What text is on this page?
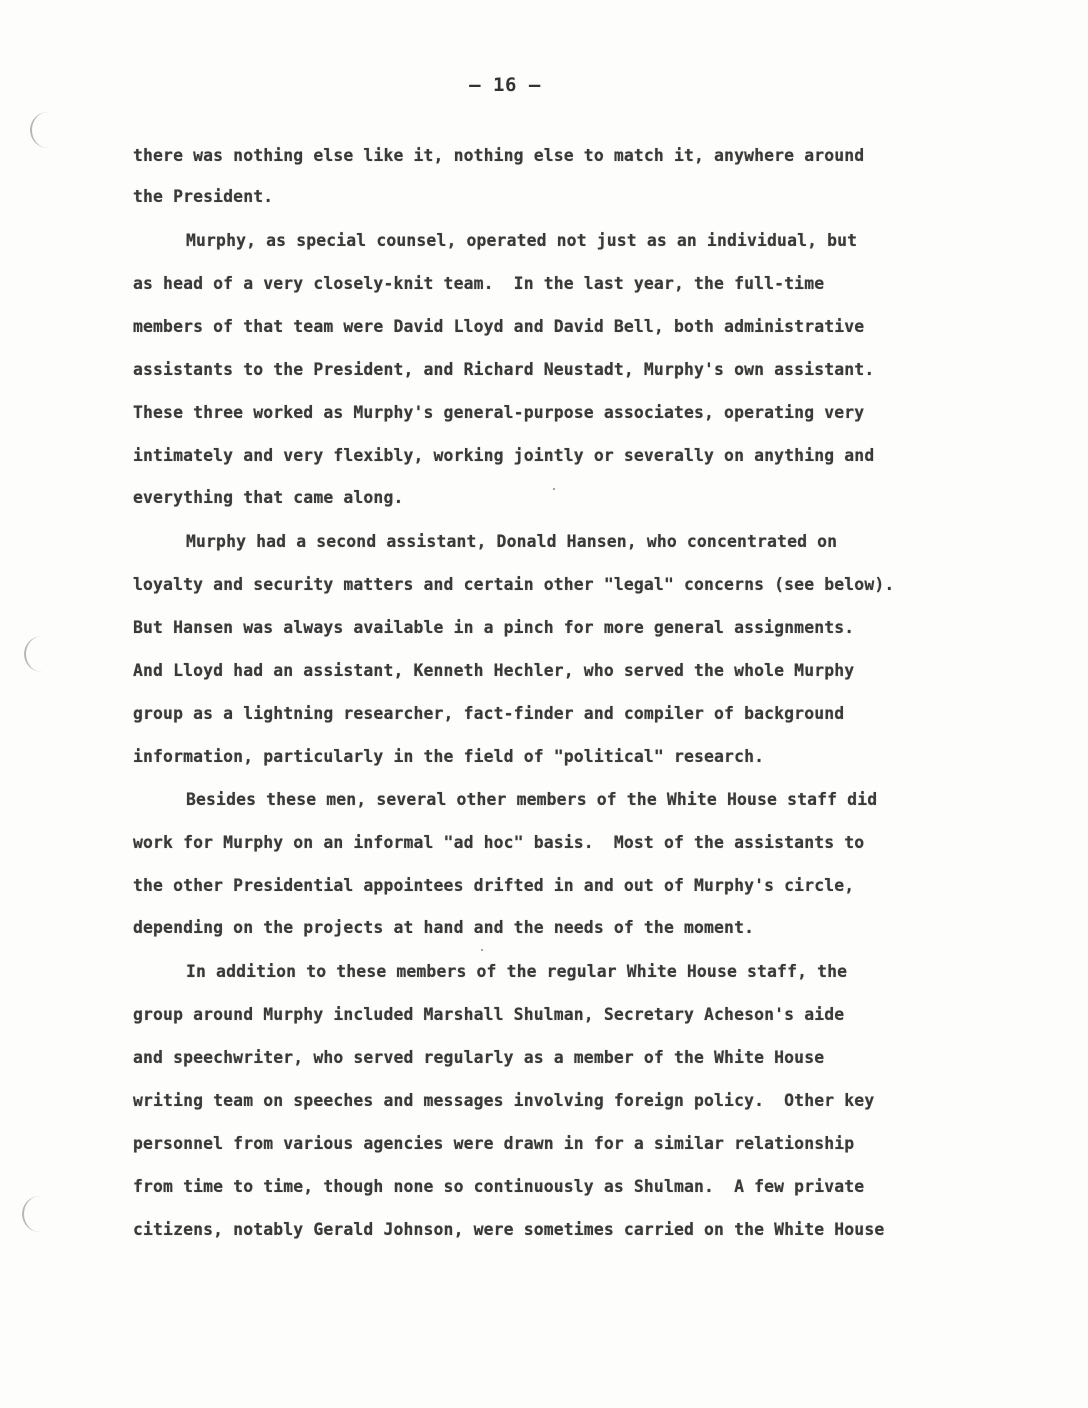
— 16 —
there was nothing else like it, nothing else to match it, anywhere around
the President.
Murphy, as special counsel, operated not just as an individual, but
as head of a very closely-knit team.  In the last year, the full-time
members of that team were David Lloyd and David Bell, both administrative
assistants to the President, and Richard Neustadt, Murphy's own assistant.
These three worked as Murphy's general-purpose associates, operating very
intimately and very flexibly, working jointly or severally on anything and
everything that came along.
Murphy had a second assistant, Donald Hansen, who concentrated on
loyalty and security matters and certain other "legal" concerns (see below).
But Hansen was always available in a pinch for more general assignments.
And Lloyd had an assistant, Kenneth Hechler, who served the whole Murphy
group as a lightning researcher, fact-finder and compiler of background
information, particularly in the field of "political" research.
Besides these men, several other members of the White House staff did
work for Murphy on an informal "ad hoc" basis.  Most of the assistants to
the other Presidential appointees drifted in and out of Murphy's circle,
depending on the projects at hand and the needs of the moment.
In addition to these members of the regular White House staff, the
group around Murphy included Marshall Shulman, Secretary Acheson's aide
and speechwriter, who served regularly as a member of the White House
writing team on speeches and messages involving foreign policy.  Other key
personnel from various agencies were drawn in for a similar relationship
from time to time, though none so continuously as Shulman.  A few private
citizens, notably Gerald Johnson, were sometimes carried on the White House
